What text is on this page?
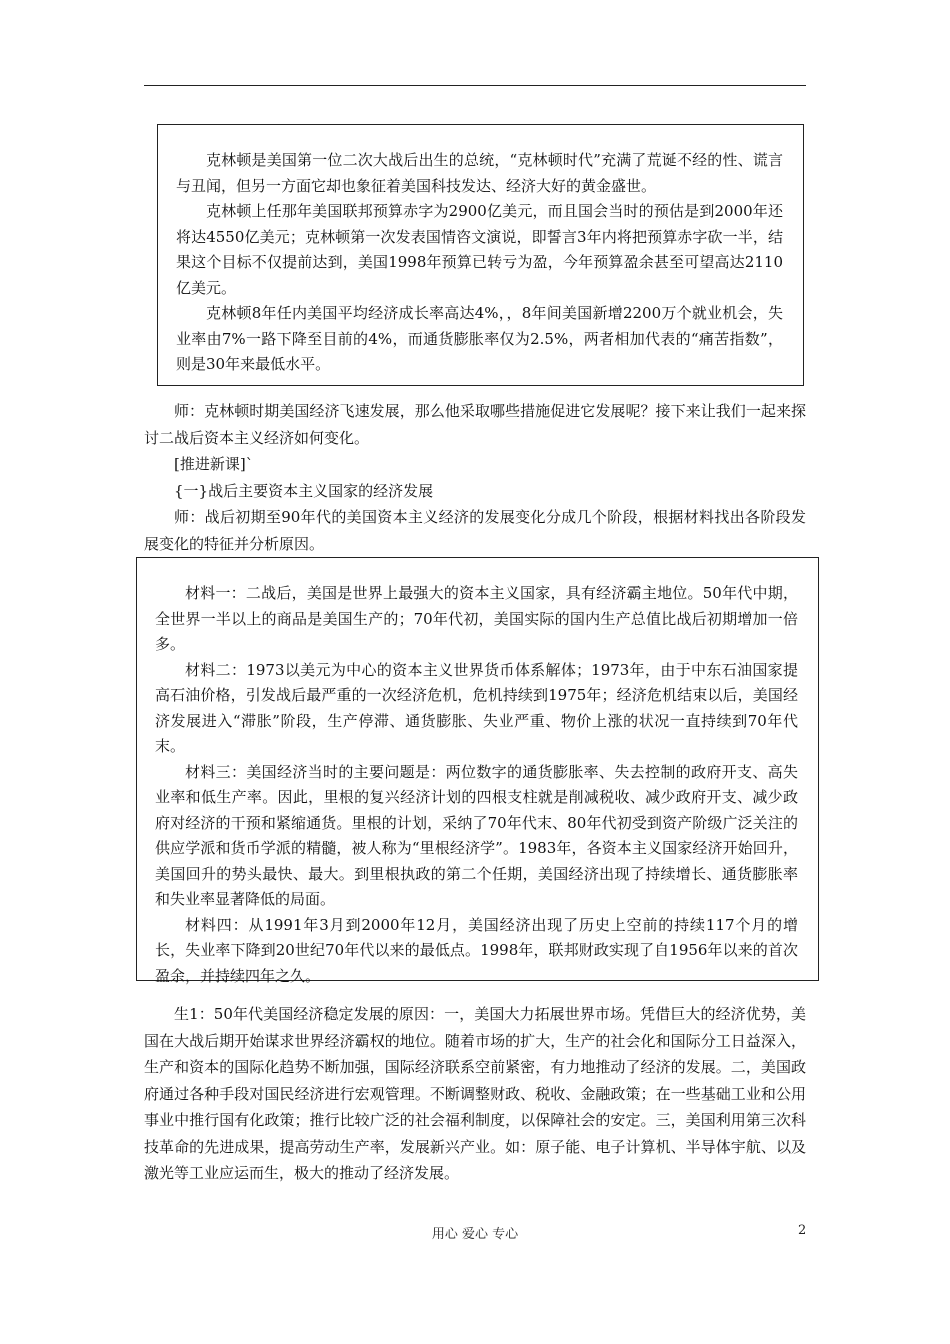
克林顿是美国第一位二次大战后出生的总统，“克林顿时代”充满了荒诞不经的性、谎言与丑闻，但另一方面它却也象征着美国科技发达、经济大好的黄金盛世。

克林顿上任那年美国联邦预算赤字为2900亿美元，而且国会当时的预估是到2000年还将达4550亿美元；克林顿第一次发表国情咨文演说，即誓言3年内将把预算赤字砍一半，结果这个目标不仅提前达到，美国1998年预算已转亏为盈，今年预算盈余甚至可望高达2110亿美元。

克林顿8年任内美国平均经济成长率高达4%，，8年间美国新增2200万个就业机会，失业率由7%一路下降至目前的4%，而通货膨胀率仅为2.5%，两者相加代表的“痛苦指数”，则是30年来最低水平。

师：克林顿时期美国经济飞速发展，那么他采取哪些措施促进它发展呢？接下来让我们一起来探讨二战后资本主义经济如何变化。

[推进新课]`

{一}战后主要资本主义国家的经济发展

师：战后初期至90年代的美国资本主义经济的发展变化分成几个阶段，根据材料找出各阶段发展变化的特征并分析原因。

材料一：二战后，美国是世界上最强大的资本主义国家，具有经济霸主地位。50年代中期，全世界一半以上的商品是美国生产的；70年代初，美国实际的国内生产总值比战后初期增加一倍多。

材料二：1973以美元为中心的资本主义世界货币体系解体；1973年，由于中东石油国家提高石油价格，引发战后最严重的一次经济危机，危机持续到1975年；经济危机结束以后，美国经济发展进入“滞胀”阶段，生产停滞、通货膨胀、失业严重、物价上涨的状况一直持续到70年代末。

材料三：美国经济当时的主要问题是：两位数字的通货膨胀率、失去控制的政府开支、高失业率和低生产率。因此，里根的复兴经济计划的四根支柱就是削减税收、减少政府开支、减少政府对经济的干预和紧缩通货。里根的计划，采纳了70年代末、80年代初受到资产阶级广泛关注的供应学派和货币学派的精髓，被人称为“里根经济学”。1983年，各资本主义国家经济开始回升，美国回升的势头最快、最大。到里根执政的第二个任期，美国经济出现了持续增长、通货膨胀率和失业率显著降低的局面。

材料四：从1991年3月到2000年12月，美国经济出现了历史上空前的持续117个月的增长，失业率下降到20世纪70年代以来的最低点。1998年，联邦财政实现了自1956年以来的首次盈余，并持续四年之久。

生1：50年代美国经济稳定发展的原因：一，美国大力拓展世界市场。凭借巨大的经济优势，美国在大战后期开始谋求世界经济霸权的地位。随着市场的扩大，生产的社会化和国际分工日益深入，生产和资本的国际化趋势不断加强，国际经济联系空前紧密，有力地推动了经济的发展。二，美国政府通过各种手段对国民经济进行宏观管理。不断调整财政、税收、金融政策；在一些基础工业和公用事业中推行国有化政策；推行比较广泛的社会福利制度，以保障社会的安定。三，美国利用第三次科技革命的先进成果，提高劳动生产率，发展新兴产业。如：原子能、电子计算机、半导体宇航、以及激光等工业应运而生，极大的推动了经济发展。

用心 爱心 专心	2
